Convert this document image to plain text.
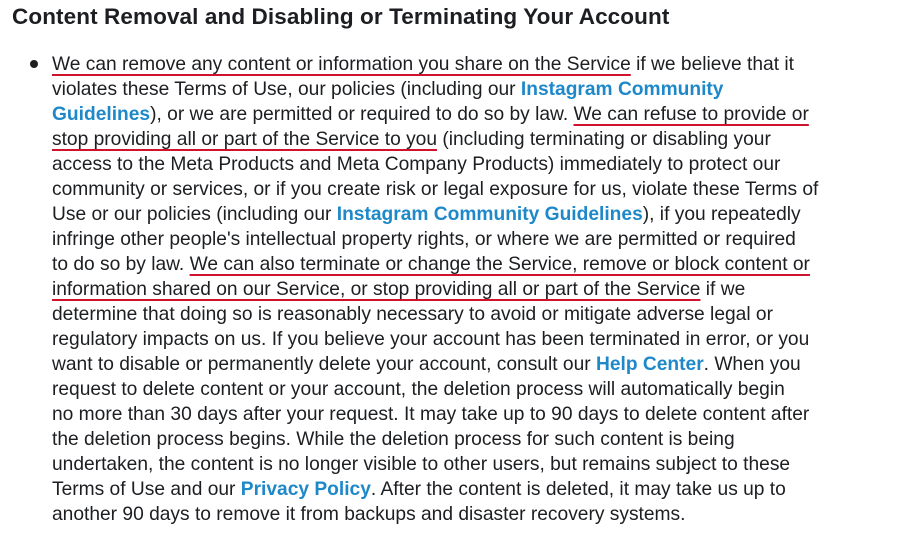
Content Removal and Disabling or Terminating Your Account
We can remove any content or information you share on the Service if we believe that it
violates these Terms of Use, our policies (including our Instagram Community
Guidelines), or we are permitted or required to do so by law. We can refuse to provide or
stop providing all or part of the Service to you (including terminating or disabling your
access to the Meta Products and Meta Company Products) immediately to protect our
community or services, or if you create risk or legal exposure for us, violate these Terms of
Use or our policies (including our Instagram Community Guidelines), if you repeatedly
infringe other people's intellectual property rights, or where we are permitted or required
to do so by law. We can also terminate or change the Service, remove or block content or
information shared on our Service, or stop providing all or part of the Service if we
determine that doing so is reasonably necessary to avoid or mitigate adverse legal or
regulatory impacts on us. If you believe your account has been terminated in error, or you
want to disable or permanently delete your account, consult our Help Center. When you
request to delete content or your account, the deletion process will automatically begin
no more than 30 days after your request. It may take up to 90 days to delete content after
the deletion process begins. While the deletion process for such content is being
undertaken, the content is no longer visible to other users, but remains subject to these
Terms of Use and our Privacy Policy. After the content is deleted, it may take us up to
another 90 days to remove it from backups and disaster recovery systems.
